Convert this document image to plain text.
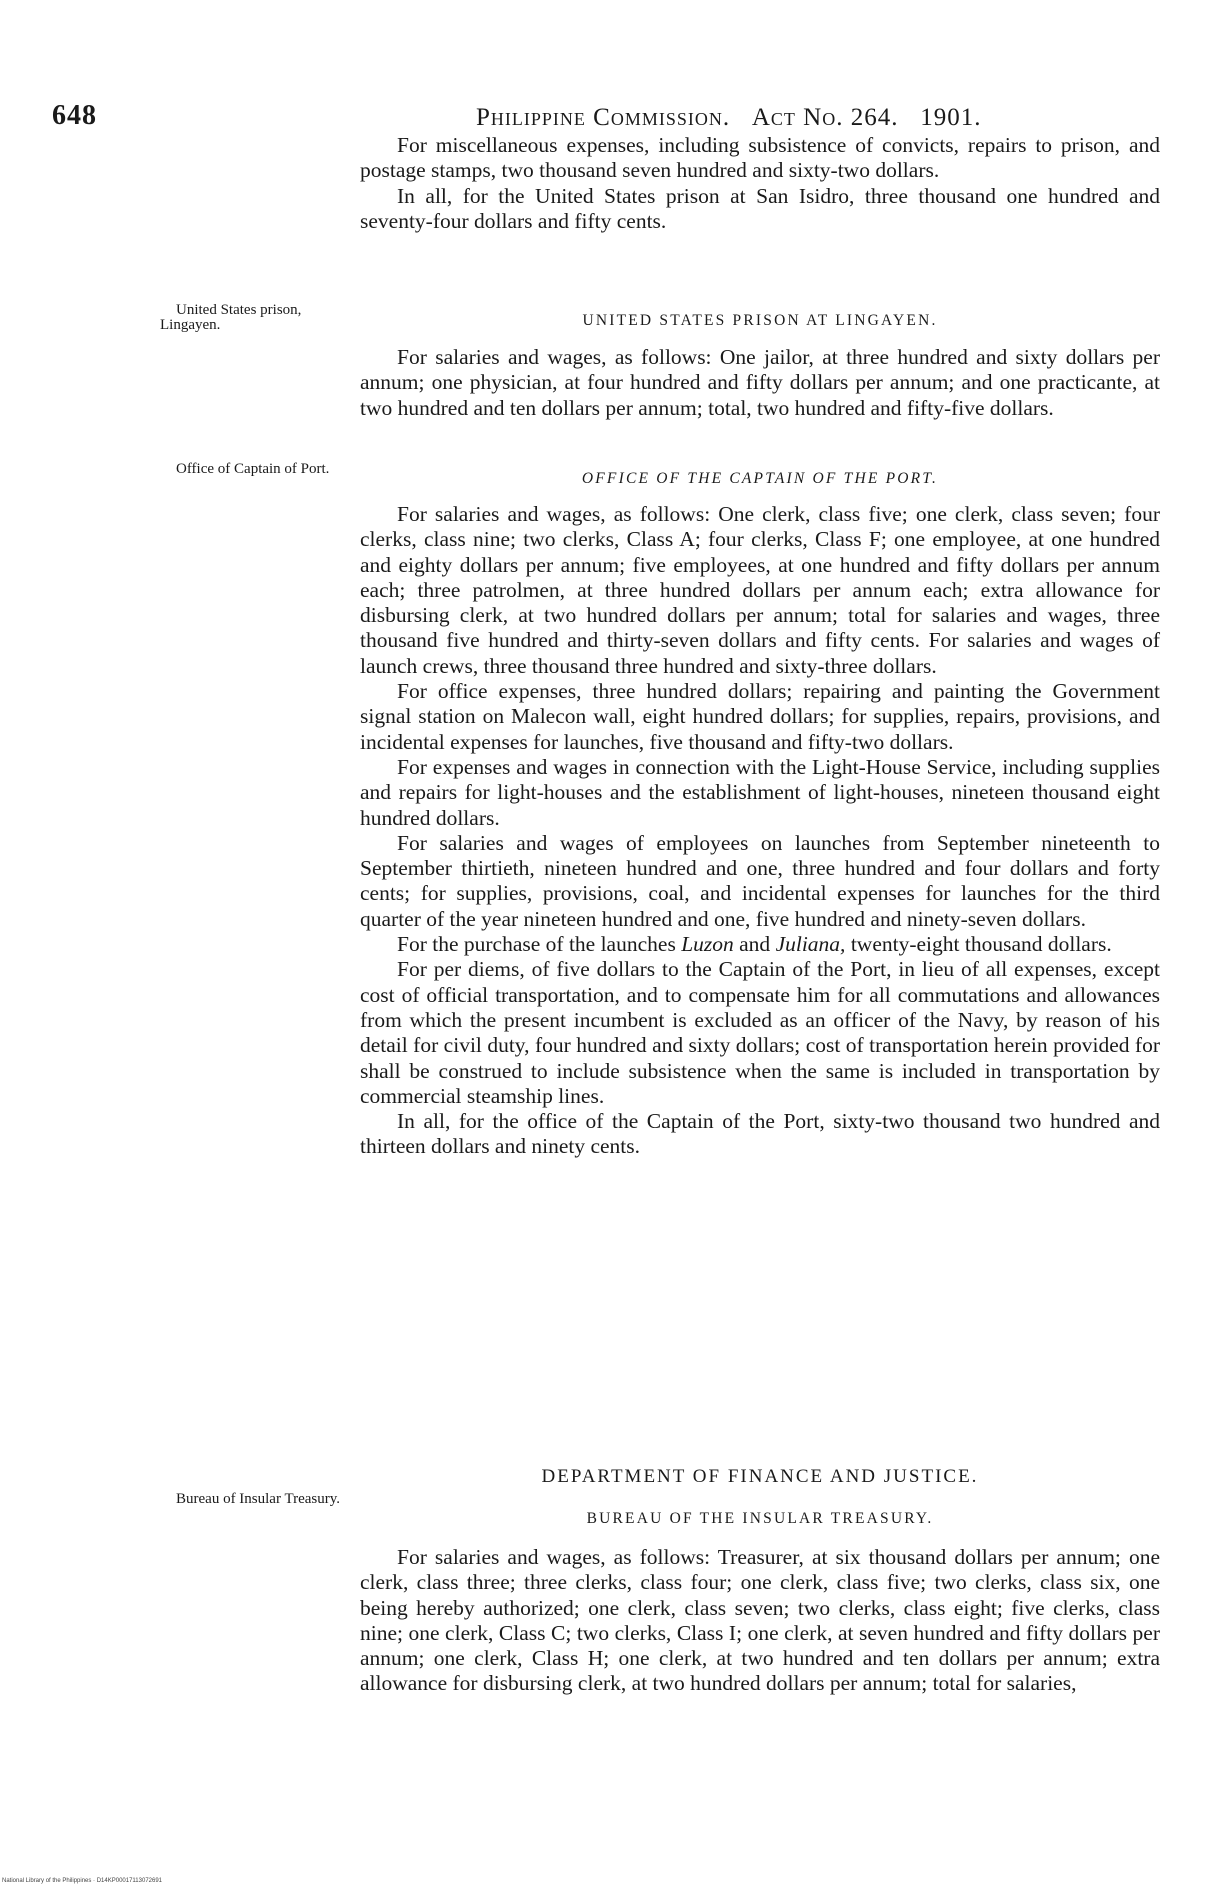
648	Philippine Commission. Act No. 264. 1901.

For miscellaneous expenses, including subsistence of convicts, repairs to prison, and postage stamps, two thousand seven hundred and sixty-two dollars.

In all, for the United States prison at San Isidro, three thousand one hundred and seventy-four dollars and fifty cents.

United States prison, Lingayen.	UNITED STATES PRISON AT LINGAYEN.

For salaries and wages, as follows: One jailor, at three hundred and sixty dollars per annum; one physician, at four hundred and fifty dollars per annum; and one practicante, at two hundred and ten dollars per annum; total, two hundred and fifty-five dollars.

Office of Captain of Port.
OFFICE OF THE CAPTAIN OF THE PORT.

For salaries and wages, as follows: One clerk, class five; one clerk, class seven; four clerks, class nine; two clerks, Class A; four clerks, Class F; one employee, at one hundred and eighty dollars per annum; five employees, at one hundred and fifty dollars per annum each; three patrolmen, at three hundred dollars per annum each; extra allowance for disbursing clerk, at two hundred dollars per annum; total for salaries and wages, three thousand five hundred and thirty-seven dollars and fifty cents. For salaries and wages of launch crews, three thousand three hundred and sixty-three dollars.

For office expenses, three hundred dollars; repairing and painting the Government signal station on Malecon wall, eight hundred dollars; for supplies, repairs, provisions, and incidental expenses for launches, five thousand and fifty-two dollars.

For expenses and wages in connection with the Light-House Service, including supplies and repairs for light-houses and the establishment of light-houses, nineteen thousand eight hundred dollars.

For salaries and wages of employees on launches from September nineteenth to September thirtieth, nineteen hundred and one, three hundred and four dollars and forty cents; for supplies, provisions, coal, and incidental expenses for launches for the third quarter of the year nineteen hundred and one, five hundred and ninety-seven dollars.

For the purchase of the launches Luzon and Juliana, twenty-eight thousand dollars.

For per diems, of five dollars to the Captain of the Port, in lieu of all expenses, except cost of official transportation, and to compensate him for all commutations and allowances from which the present incumbent is excluded as an officer of the Navy, by reason of his detail for civil duty, four hundred and sixty dollars; cost of transportation herein provided for shall be construed to include subsistence when the same is included in transportation by commercial steamship lines.

In all, for the office of the Captain of the Port, sixty-two thousand two hundred and thirteen dollars and ninety cents.

DEPARTMENT OF FINANCE AND JUSTICE.
Bureau of Insular Treasury.
BUREAU OF THE INSULAR TREASURY.

For salaries and wages, as follows: Treasurer, at six thousand dollars per annum; one clerk, class three; three clerks, class four; one clerk, class five; two clerks, class six, one being hereby authorized; one clerk, class seven; two clerks, class eight; five clerks, class nine; one clerk, Class C; two clerks, Class I; one clerk, at seven hundred and fifty dollars per annum; one clerk, Class H; one clerk, at two hundred and ten dollars per annum; extra allowance for disbursing clerk, at two hundred dollars per annum; total for salaries,

National Library of the Philippines · D14KP00017113072691
